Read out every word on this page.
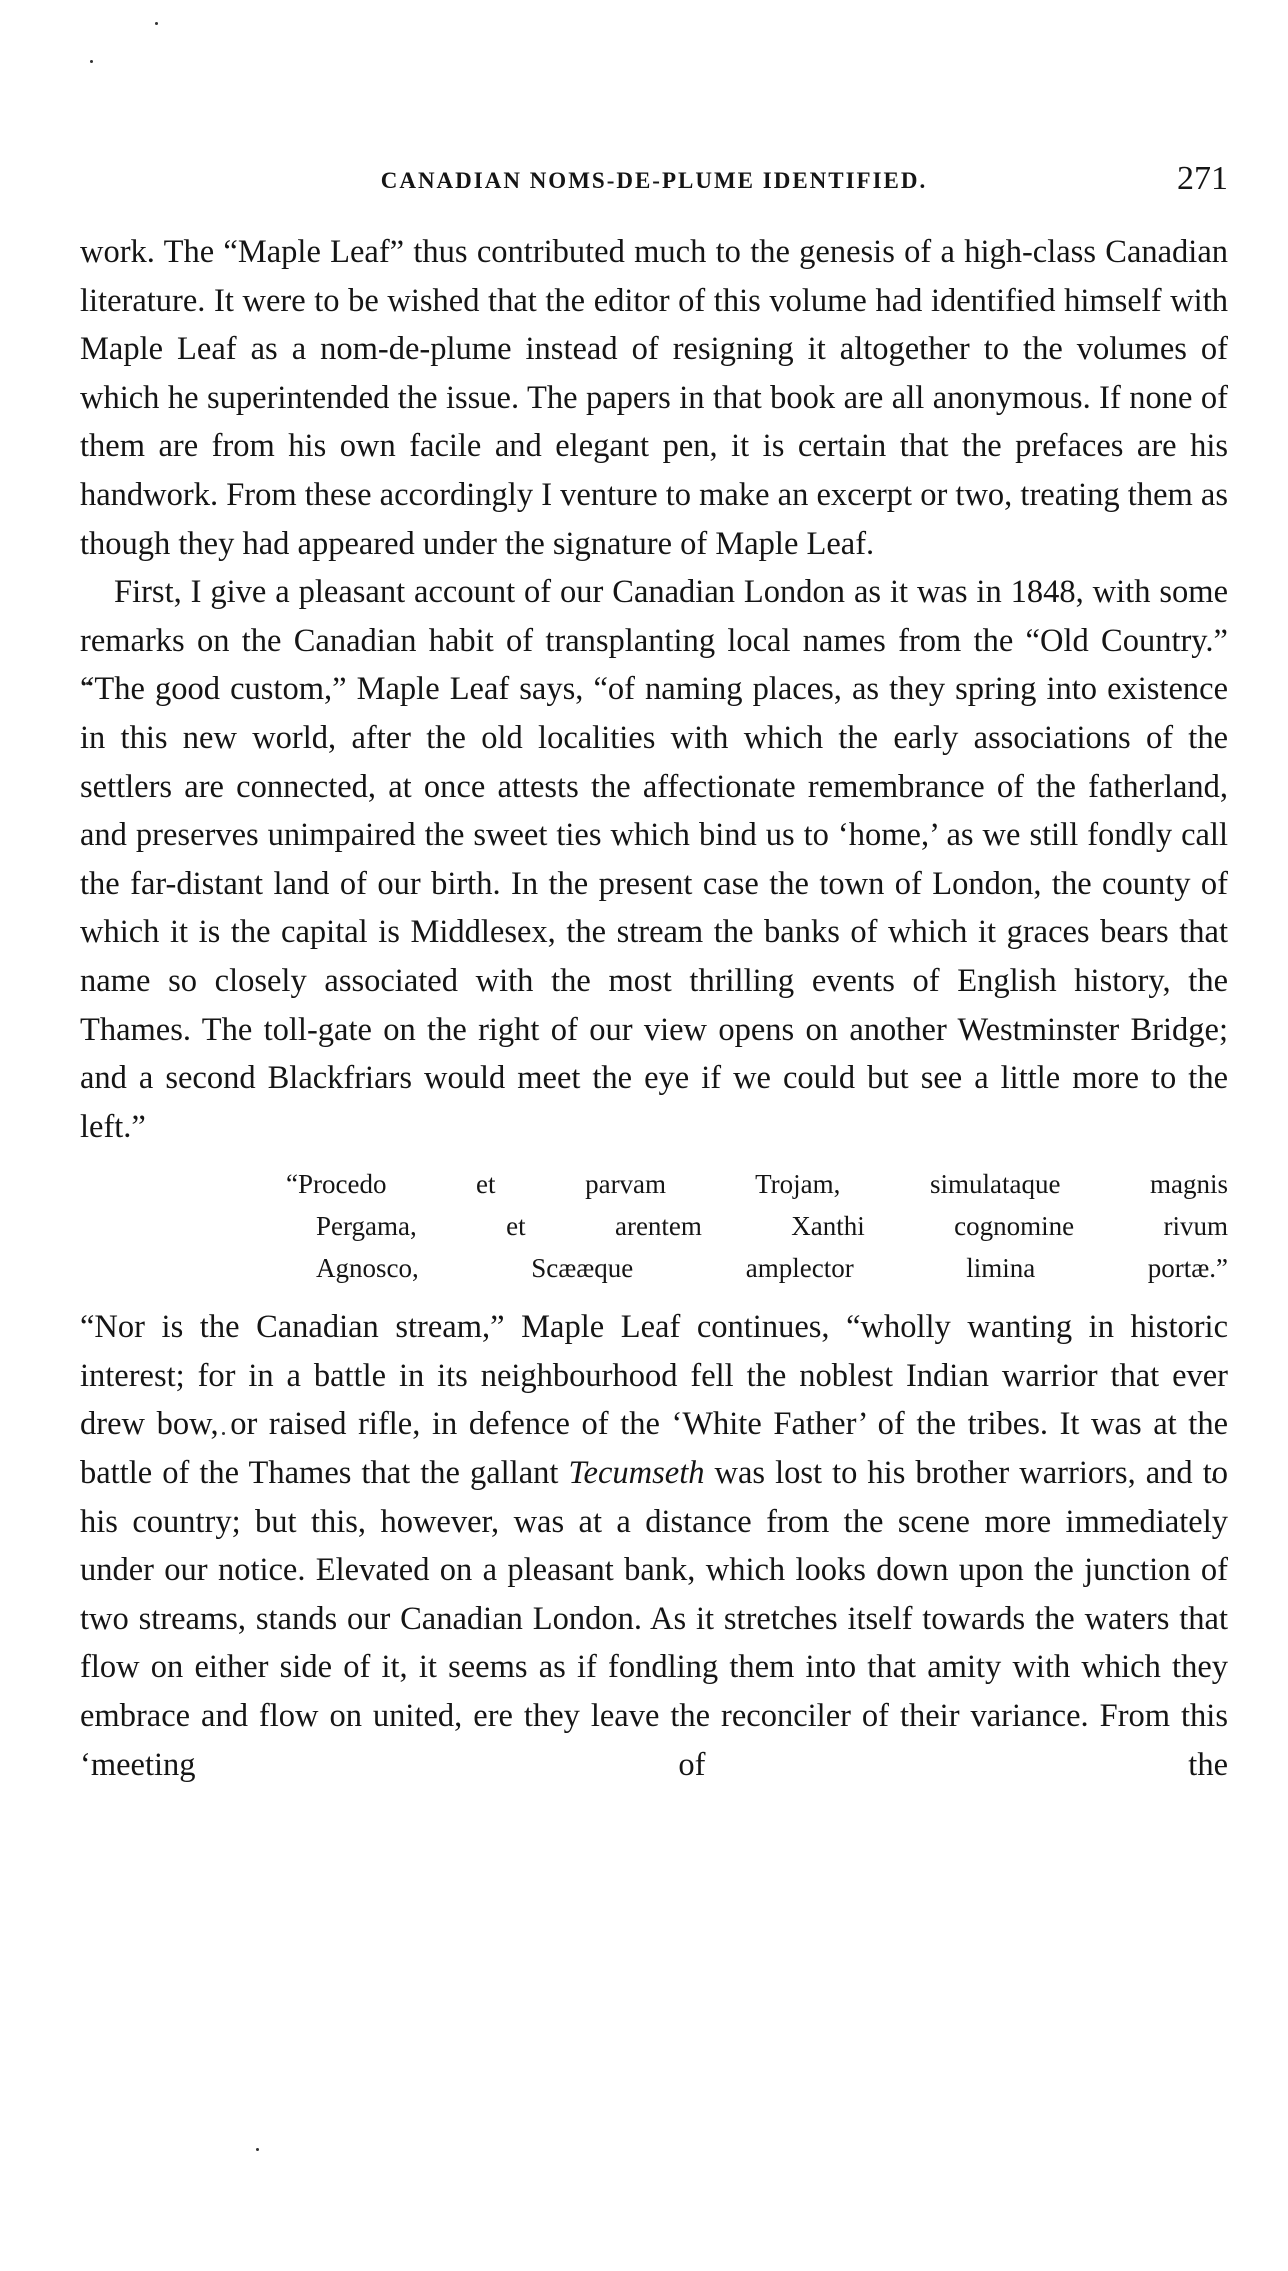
CANADIAN NOMS-DE-PLUME IDENTIFIED.	271

work. The “Maple Leaf” thus contributed much to the genesis of a high-class Canadian literature. It were to be wished that the editor of this volume had identified himself with Maple Leaf as a nom-de-plume instead of resigning it altogether to the volumes of which he superintended the issue. The papers in that book are all anonymous. If none of them are from his own facile and elegant pen, it is certain that the prefaces are his handwork. From these accordingly I venture to make an excerpt or two, treating them as though they had appeared under the signature of Maple Leaf.

First, I give a pleasant account of our Canadian London as it was in 1848, with some remarks on the Canadian habit of transplanting local names from the “Old Country.” “The good custom,” Maple Leaf says, “of naming places, as they spring into existence in this new world, after the old localities with which the early associations of the settlers are connected, at once attests the affectionate remembrance of the fatherland, and preserves unimpaired the sweet ties which bind us to ‘home,’ as we still fondly call the far-distant land of our birth. In the present case the town of London, the county of which it is the capital is Middlesex, the stream the banks of which it graces bears that name so closely associated with the most thrilling events of English history, the Thames. The toll-gate on the right of our view opens on another Westminster Bridge; and a second Blackfriars would meet the eye if we could but see a little more to the left.”

“Procedo et parvam Trojam, simulataque magnis
Pergama, et arentem Xanthi cognomine rivum
Agnosco, Scææque amplector limina portæ.”

“Nor is the Canadian stream,” Maple Leaf continues, “wholly wanting in historic interest; for in a battle in its neighbourhood fell the noblest Indian warrior that ever drew bow, or raised rifle, in defence of the ‘White Father’ of the tribes. It was at the battle of the Thames that the gallant Tecumseth was lost to his brother warriors, and to his country; but this, however, was at a distance from the scene more immediately under our notice. Elevated on a pleasant bank, which looks down upon the junction of two streams, stands our Canadian London. As it stretches itself towards the waters that flow on either side of it, it seems as if fondling them into that amity with which they embrace and flow on united, ere they leave the reconciler of their variance. From this ‘meeting of the
